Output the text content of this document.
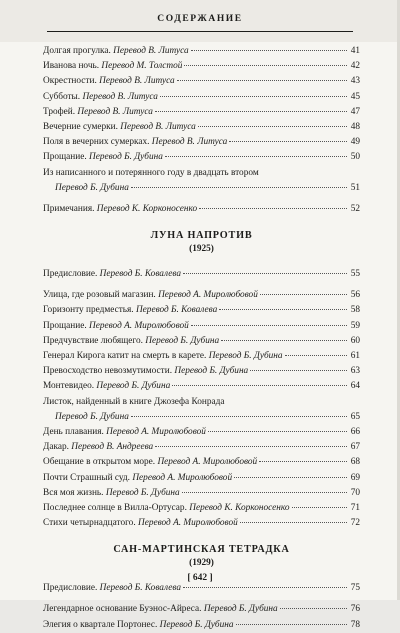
СОДЕРЖАНИЕ
Долгая прогулка. Перевод В. Литуса	41
Иванова ночь. Перевод М. Толстой	42
Окрестности. Перевод В. Литуса	43
Субботы. Перевод В. Литуса	45
Трофей. Перевод В. Литуса	47
Вечерние сумерки. Перевод В. Литуса	48
Поля в вечерних сумерках. Перевод В. Литуса	49
Прощание. Перевод Б. Дубина	50
Из написанного и потерянного году в двадцать втором
Перевод Б. Дубина	51
Примечания. Перевод К. Корконосенко	52
ЛУНА НАПРОТИВ
(1925)
Предисловие. Перевод Б. Ковалева	55
Улица, где розовый магазин. Перевод А. Миролюбовой	56
Горизонту предместья. Перевод Б. Ковалева	58
Прощание. Перевод А. Миролюбовой	59
Предчувствие любящего. Перевод Б. Дубина	60
Генерал Кирога катит на смерть в карете. Перевод Б. Дубина	61
Превосходство невозмутимости. Перевод Б. Дубина	63
Монтевидео. Перевод Б. Дубина	64
Листок, найденный в книге Джозефа Конрада
Перевод Б. Дубина	65
День плавания. Перевод А. Миролюбовой	66
Дакар. Перевод В. Андреева	67
Обещание в открытом море. Перевод А. Миролюбовой	68
Почти Страшный суд. Перевод А. Миролюбовой	69
Вся моя жизнь. Перевод Б. Дубина	70
Последнее солнце в Вилла-Ортусар. Перевод К. Корконосенко	71
Стихи четырнадцатого. Перевод А. Миролюбовой	72
САН-МАРТИНСКАЯ ТЕТРАДКА
(1929)
Предисловие. Перевод Б. Ковалева	75
Легендарное основание Буэнос-Айреса. Перевод Б. Дубина	76
Элегия о квартале Портонес. Перевод Б. Дубина	78
[ 642 ]
